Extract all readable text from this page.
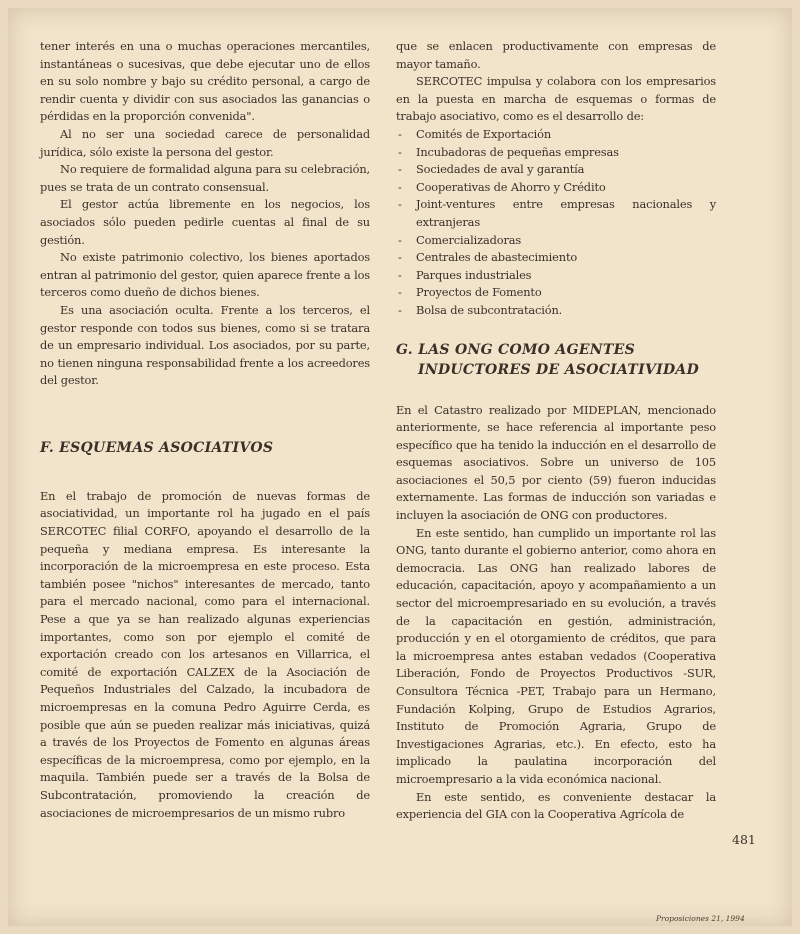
tener interés en una o muchas operaciones mercantiles, instantáneas o sucesivas, que debe ejecutar uno de ellos en su solo nombre y bajo su crédito personal, a cargo de rendir cuenta y dividir con sus asociados las ganancias o pérdidas en la proporción convenida".

Al no ser una sociedad carece de personalidad jurídica, sólo existe la persona del gestor.

No requiere de formalidad alguna para su celebración, pues se trata de un contrato consensual.

El gestor actúa libremente en los negocios, los asociados sólo pueden pedirle cuentas al final de su gestión.

No existe patrimonio colectivo, los bienes aportados entran al patrimonio del gestor, quien aparece frente a los terceros como dueño de dichos bienes.

Es una asociación oculta. Frente a los terceros, el gestor responde con todos sus bienes, como si se tratara de un empresario individual. Los asociados, por su parte, no tienen ninguna responsabilidad frente a los acreedores del gestor.

F. ESQUEMAS ASOCIATIVOS

En el trabajo de promoción de nuevas formas de asociatividad, un importante rol ha jugado en el país SERCOTEC filial CORFO, apoyando el desarrollo de la pequeña y mediana empresa. Es interesante la incorporación de la microempresa en este proceso. Esta también posee "nichos" interesantes de mercado, tanto para el mercado nacional, como para el internacional. Pese a que ya se han realizado algunas experiencias importantes, como son por ejemplo el comité de exportación creado con los artesanos en Villarrica, el comité de exportación CALZEX de la Asociación de Pequeños Industriales del Calzado, la incubadora de microempresas en la comuna Pedro Aguirre Cerda, es posible que aún se pueden realizar más iniciativas, quizá a través de los Proyectos de Fomento en algunas áreas específicas de la microempresa, como por ejemplo, en la maquila. También puede ser a través de la Bolsa de Subcontratación, promoviendo la creación de asociaciones de microempresarios de un mismo rubro

que se enlacen productivamente con empresas de mayor tamaño.

SERCOTEC impulsa y colabora con los empresarios en la puesta en marcha de esquemas o formas de trabajo asociativo, como es el desarrollo de:

- Comités de Exportación
- Incubadoras de pequeñas empresas
- Sociedades de aval y garantía
- Cooperativas de Ahorro y Crédito
- Joint-ventures entre empresas nacionales y extranjeras
- Comercializadoras
- Centrales de abastecimiento
- Parques industriales
- Proyectos de Fomento
- Bolsa de subcontratación.
G. LAS ONG COMO AGENTES
INDUCTORES DE ASOCIATIVIDAD

En el Catastro realizado por MIDEPLAN, mencionado anteriormente, se hace referencia al importante peso específico que ha tenido la inducción en el desarrollo de esquemas asociativos. Sobre un universo de 105 asociaciones el 50,5 por ciento (59) fueron inducidas externamente. Las formas de inducción son variadas e incluyen la asociación de ONG con productores.

En este sentido, han cumplido un importante rol las ONG, tanto durante el gobierno anterior, como ahora en democracia. Las ONG han realizado labores de educación, capacitación, apoyo y acompañamiento a un sector del microempresariado en su evolución, a través de la capacitación en gestión, administración, producción y en el otorgamiento de créditos, que para la microempresa antes estaban vedados (Cooperativa Liberación, Fondo de Proyectos Productivos -SUR, Consultora Técnica -PET, Trabajo para un Hermano, Fundación Kolping, Grupo de Estudios Agrarios, Instituto de Promoción Agraria, Grupo de Investigaciones Agrarias, etc.). En efecto, esto ha implicado la paulatina incorporación del microempresario a la vida económica nacional.

En este sentido, es conveniente destacar la experiencia del GIA con la Cooperativa Agrícola de

481
Proposiciones 21, 1994
